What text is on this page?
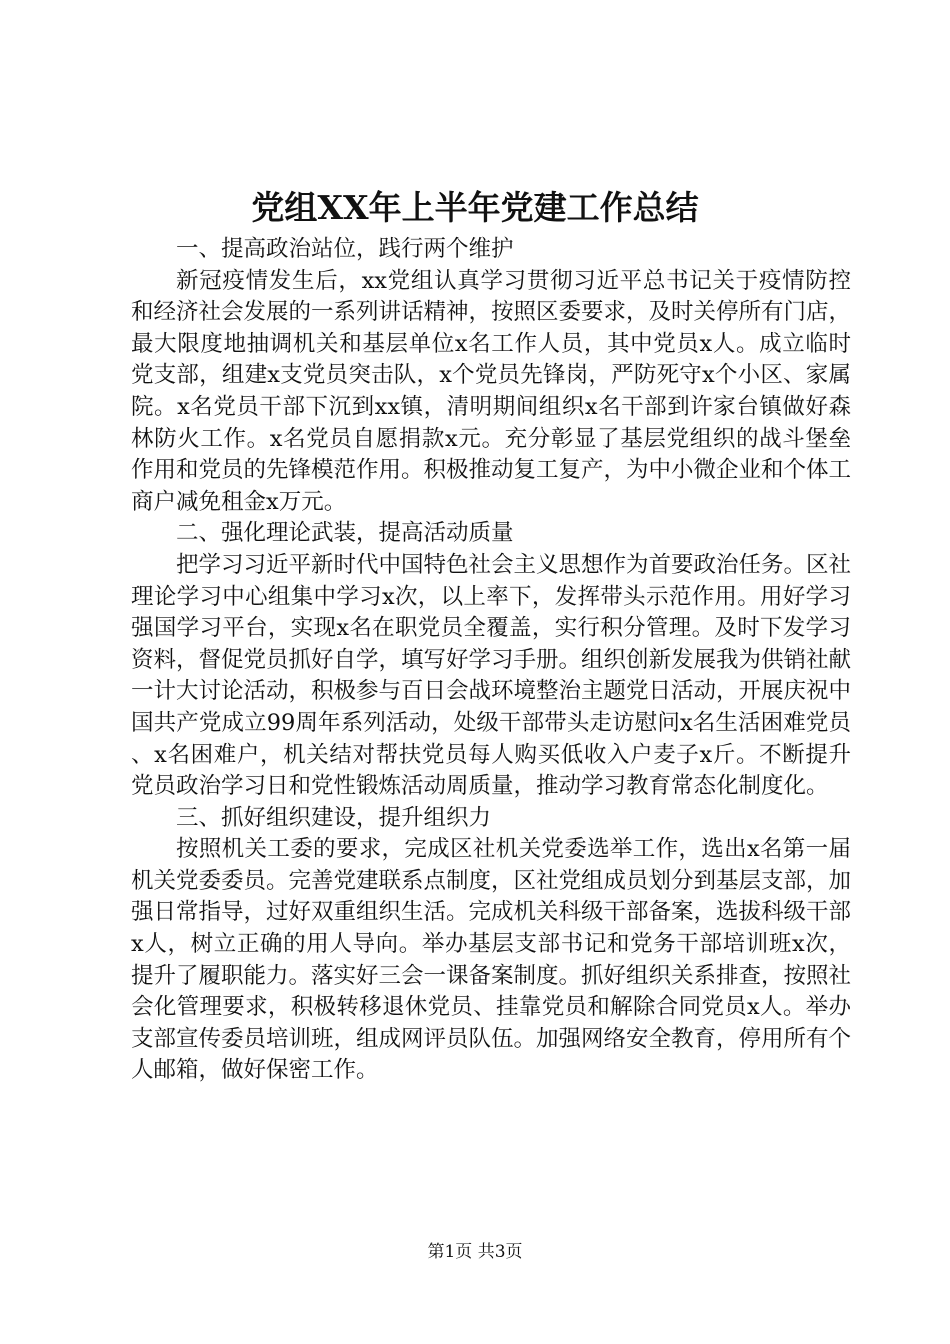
党组XX年上半年党建工作总结

一、提高政治站位，践行两个维护

新冠疫情发生后，xx党组认真学习贯彻习近平总书记关于疫情防控和经济社会发展的一系列讲话精神，按照区委要求，及时关停所有门店，最大限度地抽调机关和基层单位x名工作人员，其中党员x人。成立临时党支部，组建x支党员突击队，x个党员先锋岗，严防死守x个小区、家属院。x名党员干部下沉到xx镇，清明期间组织x名干部到许家台镇做好森林防火工作。x名党员自愿捐款x元。充分彰显了基层党组织的战斗堡垒作用和党员的先锋模范作用。积极推动复工复产，为中小微企业和个体工商户减免租金x万元。

二、强化理论武装，提高活动质量

把学习习近平新时代中国特色社会主义思想作为首要政治任务。区社理论学习中心组集中学习x次，以上率下，发挥带头示范作用。用好学习强国学习平台，实现x名在职党员全覆盖，实行积分管理。及时下发学习资料，督促党员抓好自学，填写好学习手册。组织创新发展我为供销社献一计大讨论活动，积极参与百日会战环境整治主题党日活动，开展庆祝中国共产党成立99周年系列活动，处级干部带头走访慰问x名生活困难党员、x名困难户，机关结对帮扶党员每人购买低收入户麦子x斤。不断提升党员政治学习日和党性锻炼活动周质量，推动学习教育常态化制度化。

三、抓好组织建设，提升组织力

按照机关工委的要求，完成区社机关党委选举工作，选出x名第一届机关党委委员。完善党建联系点制度，区社党组成员划分到基层支部，加强日常指导，过好双重组织生活。完成机关科级干部备案，选拔科级干部x人，树立正确的用人导向。举办基层支部书记和党务干部培训班x次，提升了履职能力。落实好三会一课备案制度。抓好组织关系排查，按照社会化管理要求，积极转移退休党员、挂靠党员和解除合同党员x人。举办支部宣传委员培训班，组成网评员队伍。加强网络安全教育，停用所有个人邮箱，做好保密工作。

第1页 共3页
